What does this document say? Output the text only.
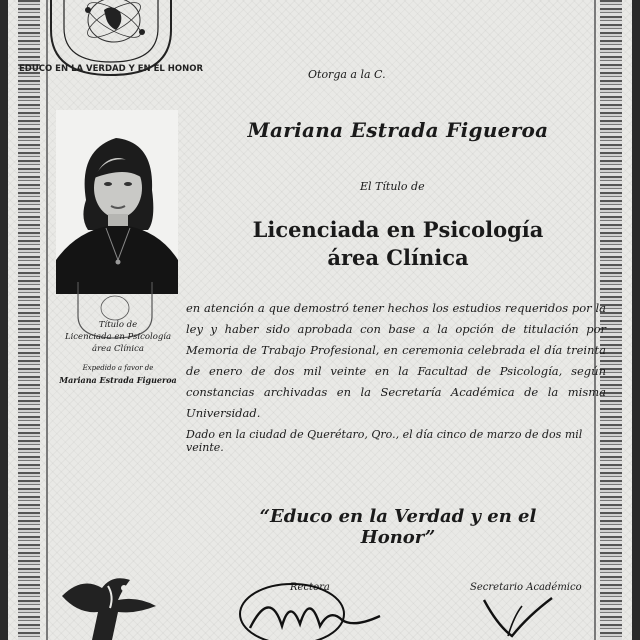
EDUCO EN LA VERDAD Y EN EL HONOR

Título de

Licenciada en Psicología

área Clínica

Expedido a favor de

Mariana Estrada Figueroa

Otorga a la C.

Mariana Estrada Figueroa

El Título de

Licenciada en Psicología
área Clínica

en atención a que demostró tener hechos los estudios requeridos por la ley y haber sido aprobada con base a la opción de titulación por Memoria de Trabajo Profesional, en ceremonia celebrada el día treinta de enero de dos mil veinte en la Facultad de Psicología, según constancias archivadas en la Secretaría Académica de la misma Universidad.

Dado en la ciudad de Querétaro, Qro., el día cinco de marzo de dos mil veinte.

“Educo en la Verdad y en el Honor”

Rectora	Secretario Académico
